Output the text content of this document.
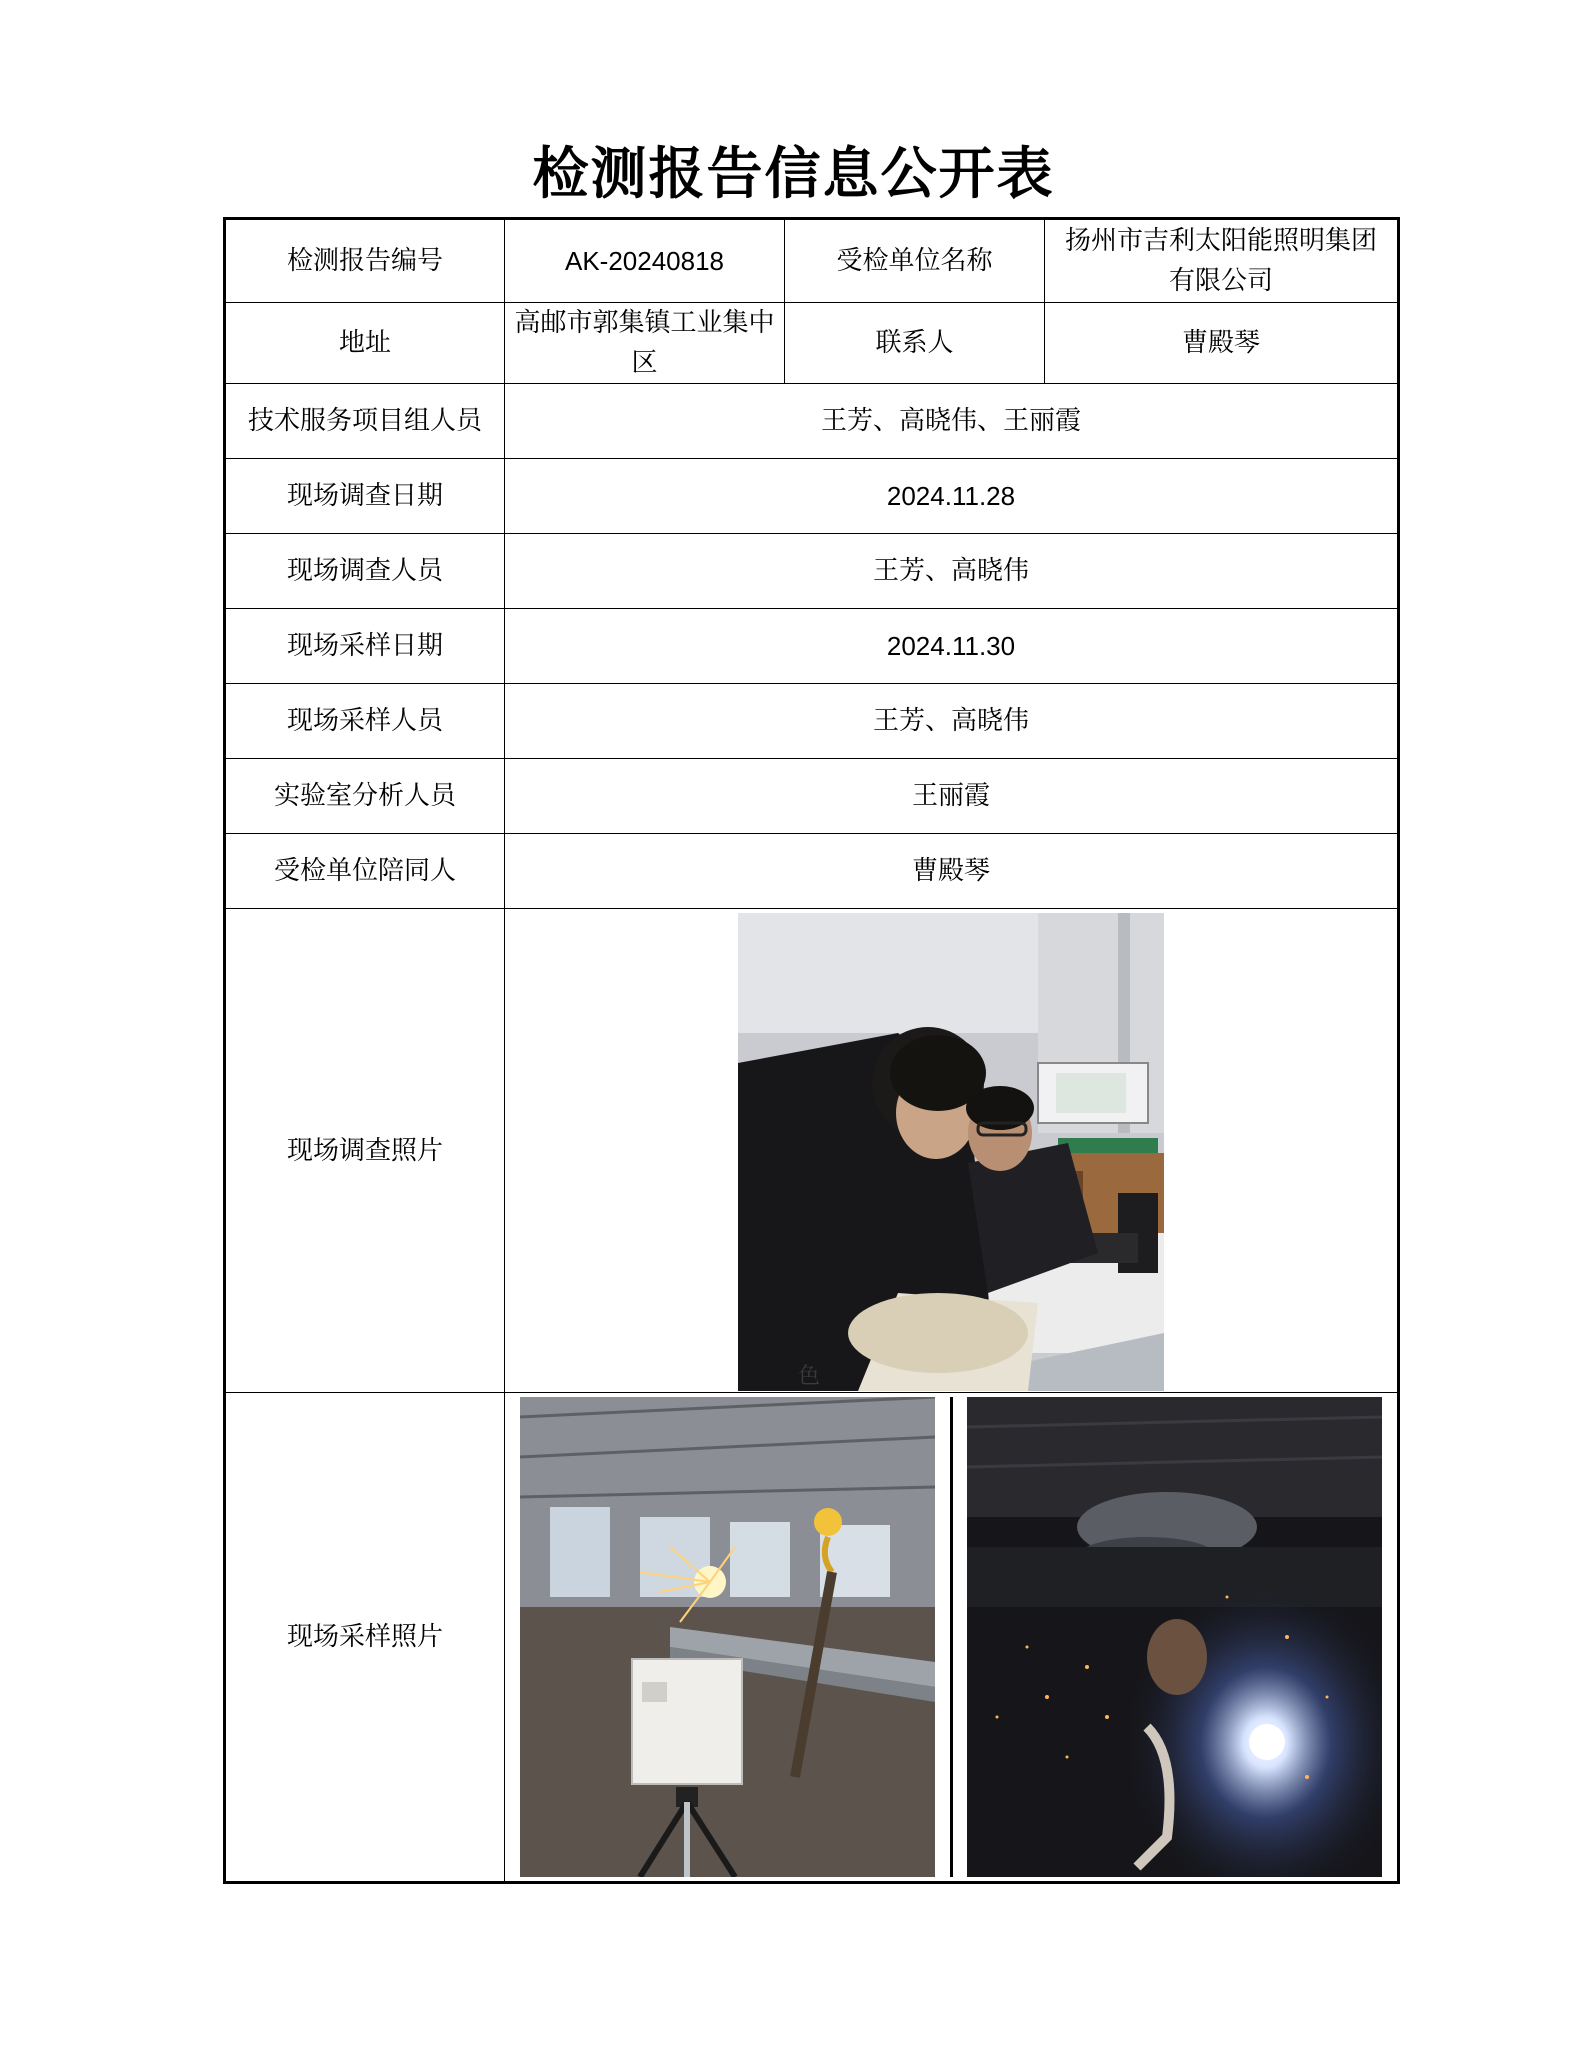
检测报告信息公开表
检测报告编号	AK-20240818	受检单位名称	扬州市吉利太阳能照明集团有限公司
地址	高邮市郭集镇工业集中区	联系人	曹殿琴
技术服务项目组人员	王芳、高晓伟、王丽霞		
现场调查日期	2024.11.28		
现场调查人员	王芳、高晓伟		
现场采样日期	2024.11.30		
现场采样人员	王芳、高晓伟		
实验室分析人员	王丽霞		
受检单位陪同人	曹殿琴		
现场调查照片	色		

现场采样照片	
